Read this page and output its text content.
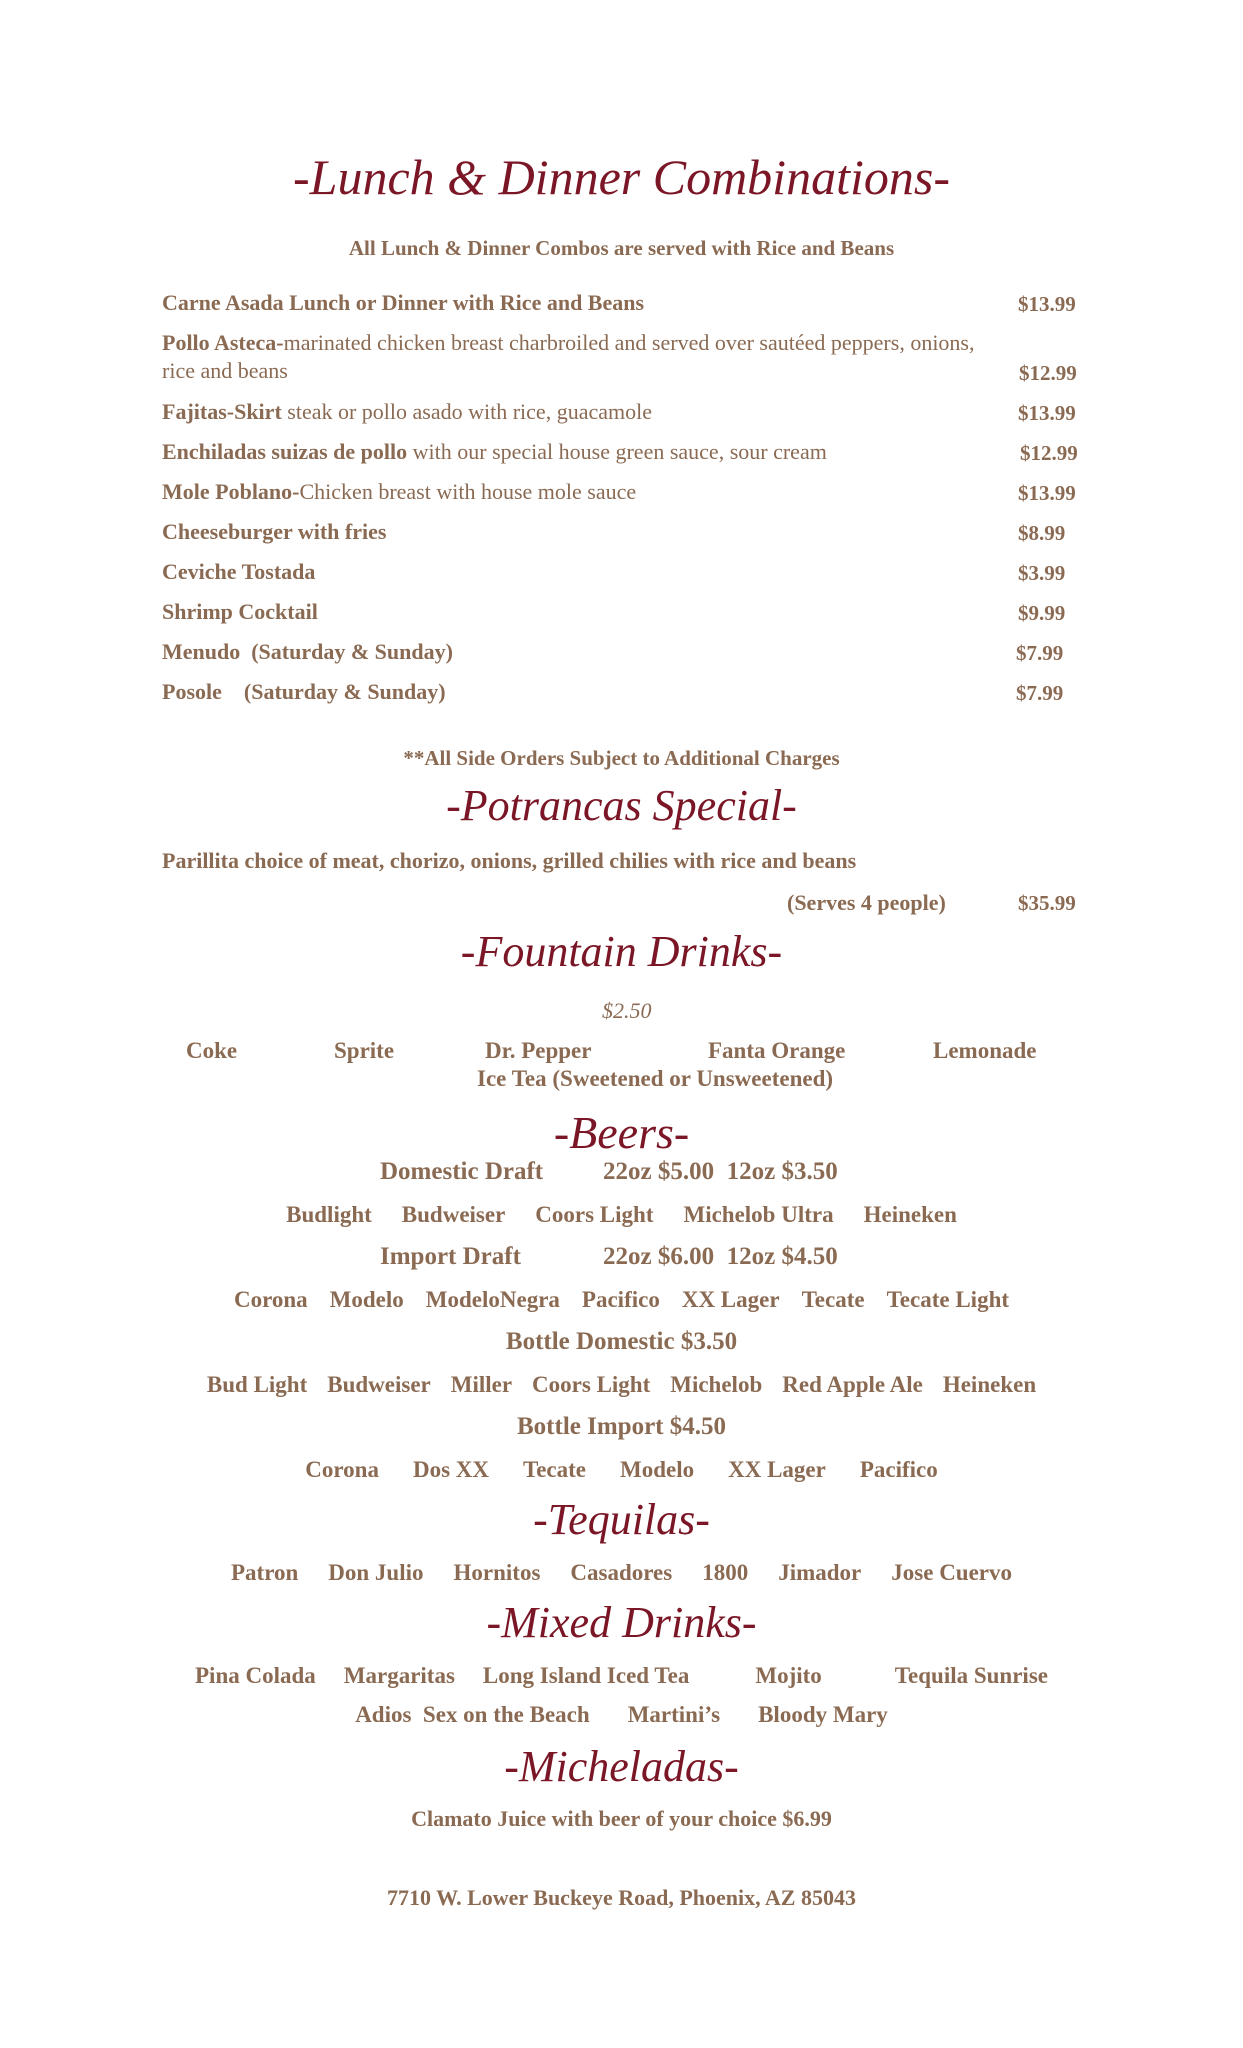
-Lunch & Dinner Combinations-
All Lunch & Dinner Combos are served with Rice and Beans
Carne Asada Lunch or Dinner with Rice and Beans	$13.99
Pollo Asteca-marinated chicken breast charbroiled and served over sautéed peppers, onions,
rice and beans	$12.99
Fajitas-Skirt steak or pollo asado with rice, guacamole	$13.99
Enchiladas suizas de pollo with our special house green sauce, sour cream	$12.99
Mole Poblano-Chicken breast with house mole sauce	$13.99
Cheeseburger with fries	$8.99
Ceviche Tostada	$3.99
Shrimp Cocktail	$9.99
Menudo  (Saturday & Sunday)	$7.99
Posole    (Saturday & Sunday)	$7.99
**All Side Orders Subject to Additional Charges
-Potrancas Special-
Parillita choice of meat, chorizo, onions, grilled chilies with rice and beans
(Serves 4 people)	$35.99
-Fountain Drinks-
$2.50
Coke	Sprite	Dr. Pepper	Fanta Orange	Lemonade
Ice Tea (Sweetened or Unsweetened)
-Beers-
Domestic Draft 22oz $5.00  12oz $3.50
Budlight Budweiser Coors Light Michelob Ultra Heineken
Import Draft	22oz $6.00  12oz $4.50
Corona Modelo ModeloNegra Pacifico XX Lager Tecate Tecate Light
Bottle Domestic $3.50
Bud Light Budweiser Miller Coors Light Michelob Red Apple Ale Heineken
Bottle Import $4.50
Corona Dos XX Tecate Modelo XX Lager Pacifico
-Tequilas-
Patron Don Julio Hornitos Casadores 1800 Jimador Jose Cuervo
-Mixed Drinks-
Pina Colada Margaritas Long Island Iced Tea	Mojito	Tequila Sunrise
Adios  Sex on the Beach Martini’s Bloody Mary
-Micheladas-
Clamato Juice with beer of your choice $6.99
7710 W. Lower Buckeye Road, Phoenix, AZ 85043
